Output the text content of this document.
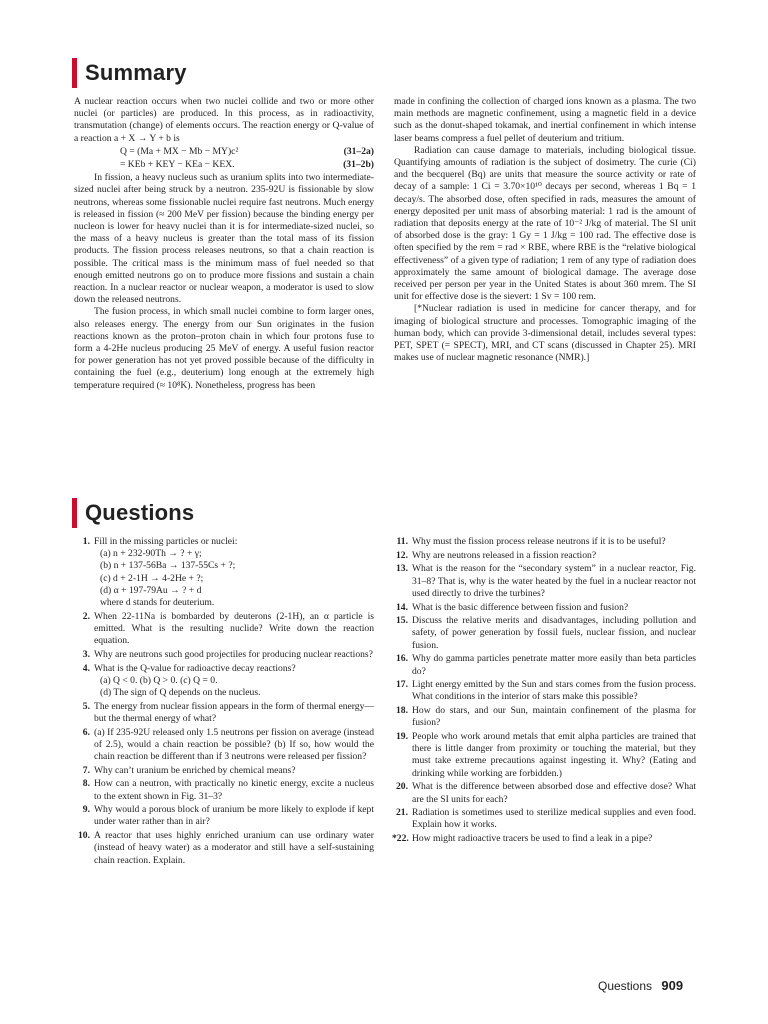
Summary

A nuclear reaction occurs when two nuclei collide and two or more other nuclei (or particles) are produced. In this process, as in radioactivity, transmutation (change) of elements occurs. The reaction energy or Q-value of a reaction a + X → Y + b is

Q = (Ma + MX − Mb − MY)c²	(31–2a)
= KEb + KEY − KEa − KEX.	(31–2b)

In fission, a heavy nucleus such as uranium splits into two intermediate-sized nuclei after being struck by a neutron. 235-92U is fissionable by slow neutrons, whereas some fissionable nuclei require fast neutrons. Much energy is released in fission (≈ 200 MeV per fission) because the binding energy per nucleon is lower for heavy nuclei than it is for intermediate-sized nuclei, so the mass of a heavy nucleus is greater than the total mass of its fission products. The fission process releases neutrons, so that a chain reaction is possible. The critical mass is the minimum mass of fuel needed so that enough emitted neutrons go on to produce more fissions and sustain a chain reaction. In a nuclear reactor or nuclear weapon, a moderator is used to slow down the released neutrons.

The fusion process, in which small nuclei combine to form larger ones, also releases energy. The energy from our Sun originates in the fusion reactions known as the proton–proton chain in which four protons fuse to form a 4-2He nucleus producing 25 MeV of energy. A useful fusion reactor for power generation has not yet proved possible because of the difficulty in containing the fuel (e.g., deuterium) long enough at the extremely high temperature required (≈ 10⁸K). Nonetheless, progress has been

made in confining the collection of charged ions known as a plasma. The two main methods are magnetic confinement, using a magnetic field in a device such as the donut-shaped tokamak, and inertial confinement in which intense laser beams compress a fuel pellet of deuterium and tritium.

Radiation can cause damage to materials, including biological tissue. Quantifying amounts of radiation is the subject of dosimetry. The curie (Ci) and the becquerel (Bq) are units that measure the source activity or rate of decay of a sample: 1 Ci = 3.70×10¹⁰ decays per second, whereas 1 Bq = 1 decay/s. The absorbed dose, often specified in rads, measures the amount of energy deposited per unit mass of absorbing material: 1 rad is the amount of radiation that deposits energy at the rate of 10⁻² J/kg of material. The SI unit of absorbed dose is the gray: 1 Gy = 1 J/kg = 100 rad. The effective dose is often specified by the rem = rad × RBE, where RBE is the “relative biological effectiveness” of a given type of radiation; 1 rem of any type of radiation does approximately the same amount of biological damage. The average dose received per person per year in the United States is about 360 mrem. The SI unit for effective dose is the sievert: 1 Sv = 100 rem.

[*Nuclear radiation is used in medicine for cancer therapy, and for imaging of biological structure and processes. Tomographic imaging of the human body, which can provide 3-dimensional detail, includes several types: PET, SPET (= SPECT), MRI, and CT scans (discussed in Chapter 25). MRI makes use of nuclear magnetic resonance (NMR).]

Questions
1. Fill in the missing particles or nuclei:
(a) n + 232-90Th → ? + γ;
(b) n + 137-56Ba → 137-55Cs + ?;
(c) d + 2-1H → 4-2He + ?;
(d) α + 197-79Au → ? + d
where d stands for deuterium.
2. When 22-11Na is bombarded by deuterons (2-1H), an α particle is emitted. What is the resulting nuclide? Write down the reaction equation.
3. Why are neutrons such good projectiles for producing nuclear reactions?
4. What is the Q-value for radioactive decay reactions?
(a) Q < 0. (b) Q > 0. (c) Q = 0.
(d) The sign of Q depends on the nucleus.
5. The energy from nuclear fission appears in the form of thermal energy—but the thermal energy of what?
6. (a) If 235-92U released only 1.5 neutrons per fission on average (instead of 2.5), would a chain reaction be possible? (b) If so, how would the chain reaction be different than if 3 neutrons were released per fission?
7. Why can’t uranium be enriched by chemical means?
8. How can a neutron, with practically no kinetic energy, excite a nucleus to the extent shown in Fig. 31–3?
9. Why would a porous block of uranium be more likely to explode if kept under water rather than in air?
10. A reactor that uses highly enriched uranium can use ordinary water (instead of heavy water) as a moderator and still have a self-sustaining chain reaction. Explain.
11. Why must the fission process release neutrons if it is to be useful?
12. Why are neutrons released in a fission reaction?
13. What is the reason for the “secondary system” in a nuclear reactor, Fig. 31–8? That is, why is the water heated by the fuel in a nuclear reactor not used directly to drive the turbines?
14. What is the basic difference between fission and fusion?
15. Discuss the relative merits and disadvantages, including pollution and safety, of power generation by fossil fuels, nuclear fission, and nuclear fusion.
16. Why do gamma particles penetrate matter more easily than beta particles do?
17. Light energy emitted by the Sun and stars comes from the fusion process. What conditions in the interior of stars make this possible?
18. How do stars, and our Sun, maintain confinement of the plasma for fusion?
19. People who work around metals that emit alpha particles are trained that there is little danger from proximity or touching the material, but they must take extreme precautions against ingesting it. Why? (Eating and drinking while working are forbidden.)
20. What is the difference between absorbed dose and effective dose? What are the SI units for each?
21. Radiation is sometimes used to sterilize medical supplies and even food. Explain how it works.
*22. How might radioactive tracers be used to find a leak in a pipe?
Questions 909
